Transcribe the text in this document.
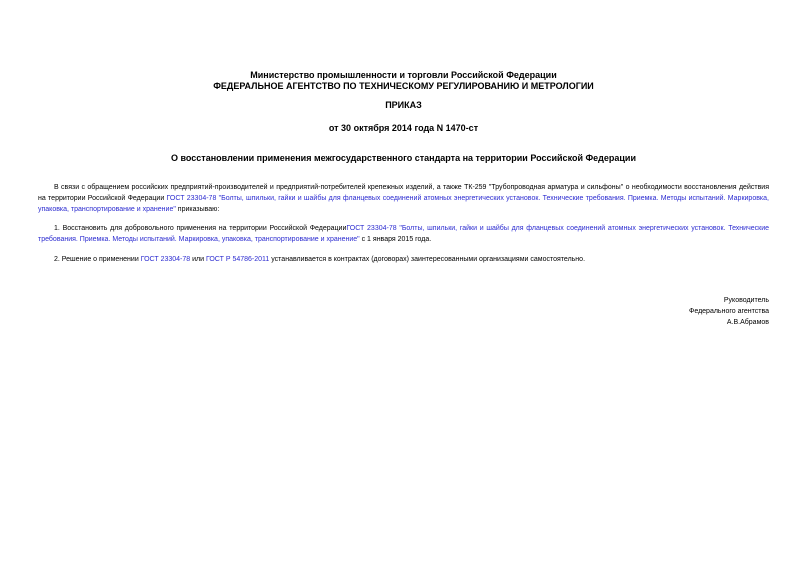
Министерство промышленности и торговли Российской Федерации
ФЕДЕРАЛЬНОЕ АГЕНТСТВО ПО ТЕХНИЧЕСКОМУ РЕГУЛИРОВАНИЮ И МЕТРОЛОГИИ
ПРИКАЗ
от 30 октября 2014 года N 1470-ст
О восстановлении применения межгосударственного стандарта на территории Российской Федерации
В связи с обращением российских предприятий-производителей и предприятий-потребителей крепежных изделий, а также ТК-259 "Трубопроводная арматура и сильфоны" о необходимости восстановления действия на территории Российской Федерации ГОСТ 23304-78 "Болты, шпильки, гайки и шайбы для фланцевых соединений атомных энергетических установок. Технические требования. Приемка. Методы испытаний. Маркировка, упаковка, транспортирование и хранение" приказываю:
1. Восстановить для добровольного применения на территории Российской ФедерацииГОСТ 23304-78 "Болты, шпильки, гайки и шайбы для фланцевых соединений атомных энергетических установок. Технические требования. Приемка. Методы испытаний. Маркировка, упаковка, транспортирование и хранение" с 1 января 2015 года.
2. Решение о применении ГОСТ 23304-78 или ГОСТ Р 54786-2011 устанавливается в контрактах (договорах) заинтересованными организациями самостоятельно.
Руководитель
Федерального агентства
А.В.Абрамов
